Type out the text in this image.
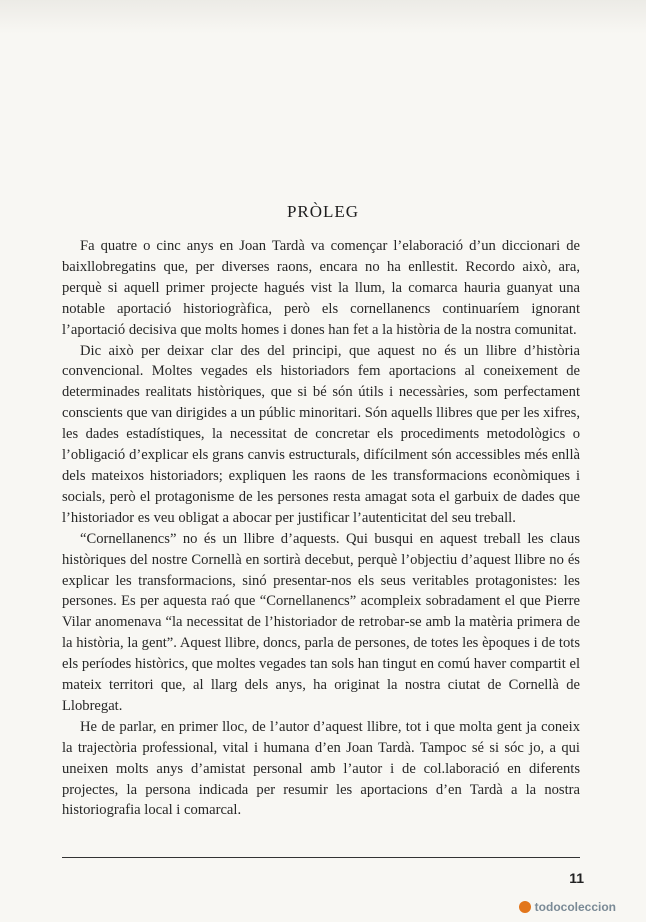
PRÒLEG

Fa quatre o cinc anys en Joan Tardà va començar l’elaboració d’un diccionari de baixllobregatins que, per diverses raons, encara no ha enllestit. Recordo això, ara, perquè si aquell primer projecte hagués vist la llum, la comarca hauria guanyat una notable aportació historiogràfica, però els cornellanencs continuaríem ignorant l’aportació decisiva que molts homes i dones han fet a la història de la nostra comunitat.

Dic això per deixar clar des del principi, que aquest no és un llibre d’història convencional. Moltes vegades els historiadors fem aportacions al coneixement de determinades realitats històriques, que si bé són útils i necessàries, som perfectament conscients que van dirigides a un públic minoritari. Són aquells llibres que per les xifres, les dades estadístiques, la necessitat de concretar els procediments metodològics o l’obligació d’explicar els grans canvis estructurals, difícilment són accessibles més enllà dels mateixos historiadors; expliquen les raons de les transformacions econòmiques i socials, però el protagonisme de les persones resta amagat sota el garbuix de dades que l’historiador es veu obligat a abocar per justificar l’autenticitat del seu treball.

“Cornellanencs” no és un llibre d’aquests. Qui busqui en aquest treball les claus històriques del nostre Cornellà en sortirà decebut, perquè l’objectiu d’aquest llibre no és explicar les transformacions, sinó presentar-nos els seus veritables protagonistes: les persones. Es per aquesta raó que “Cornellanencs” acompleix sobradament el que Pierre Vilar anomenava “la necessitat de l’historiador de retrobar-se amb la matèria primera de la història, la gent”. Aquest llibre, doncs, parla de persones, de totes les èpoques i de tots els períodes històrics, que moltes vegades tan sols han tingut en comú haver compartit el mateix territori que, al llarg dels anys, ha originat la nostra ciutat de Cornellà de Llobregat.

He de parlar, en primer lloc, de l’autor d’aquest llibre, tot i que molta gent ja coneix la trajectòria professional, vital i humana d’en Joan Tardà. Tampoc sé si sóc jo, a qui uneixen molts anys d’amistat personal amb l’autor i de col.laboració en diferents projectes, la persona indicada per resumir les aportacions d’en Tardà a la nostra historiografia local i comarcal.

11
todocoleccion
